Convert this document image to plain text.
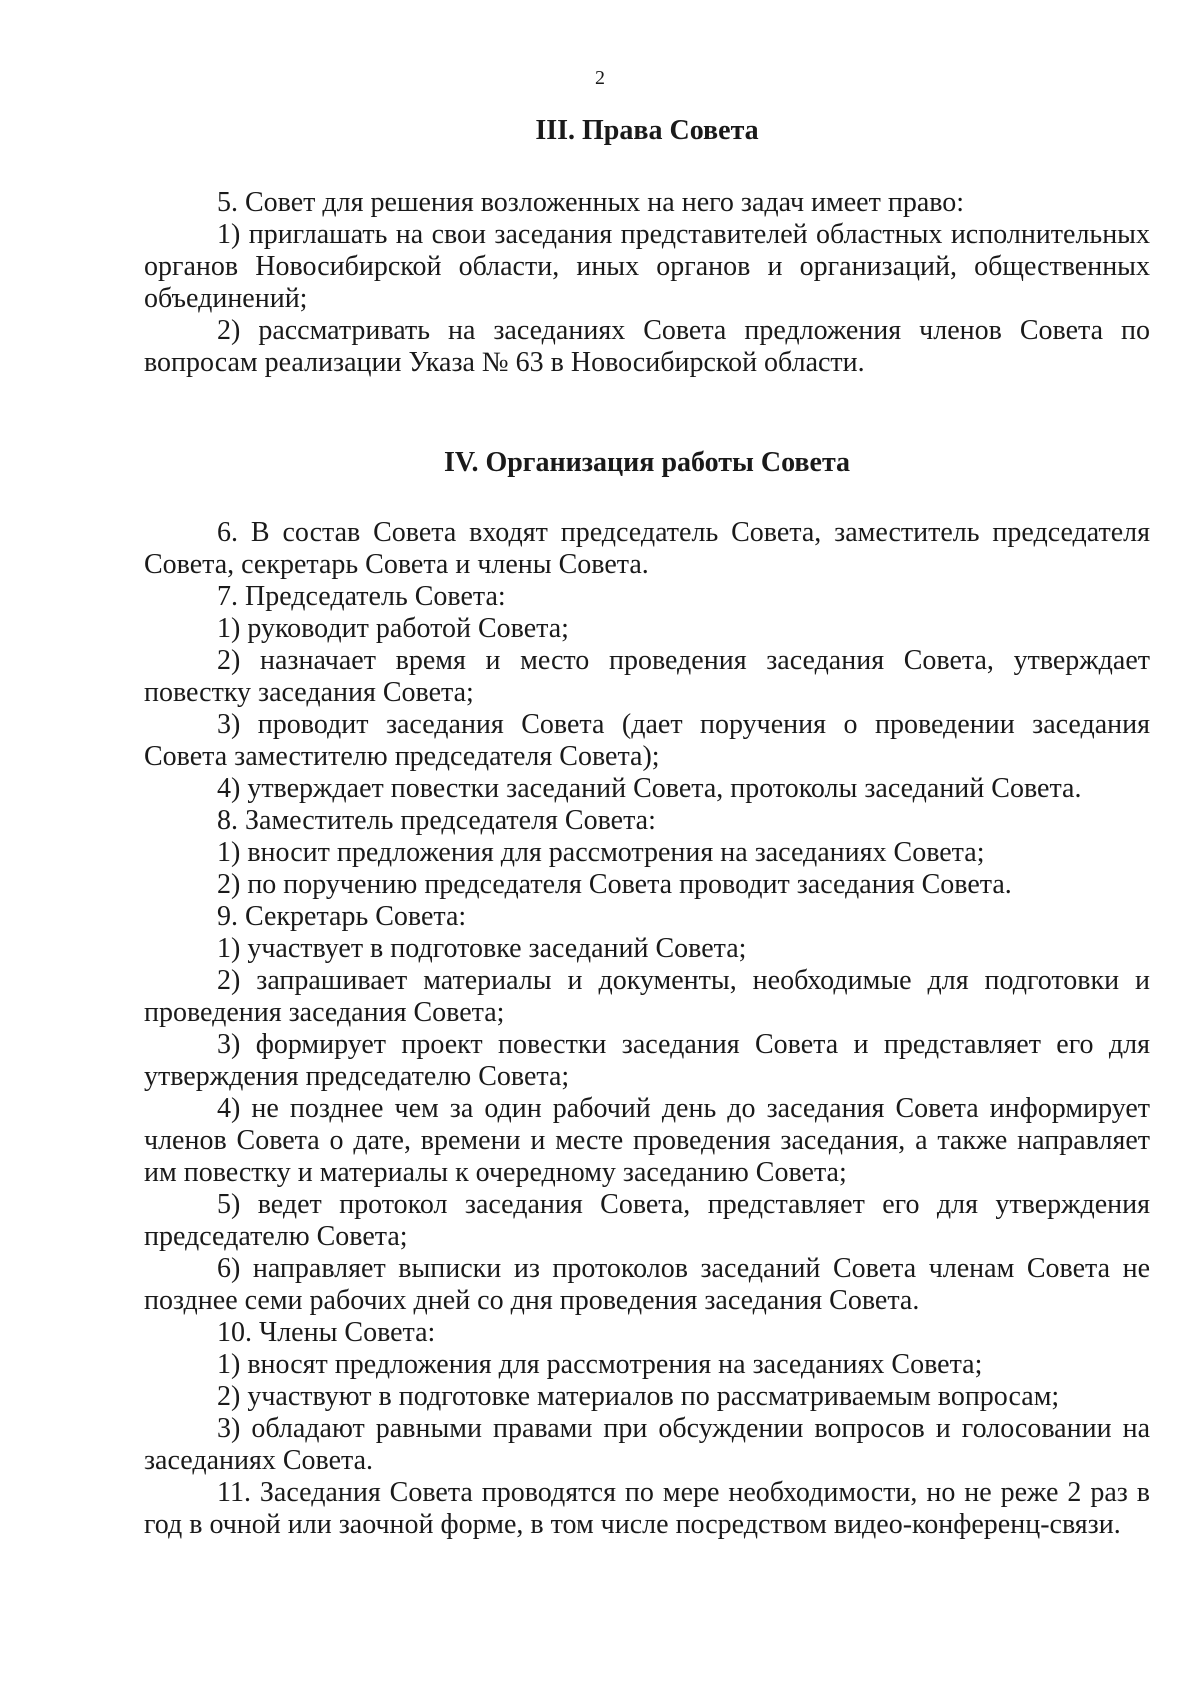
2
III. Права Совета

5. Совет для решения возложенных на него задач имеет право:

1) приглашать на свои заседания представителей областных исполнительных органов Новосибирской области, иных органов и организаций, общественных объединений;

2) рассматривать на заседаниях Совета предложения членов Совета по вопросам реализации Указа № 63 в Новосибирской области.

IV. Организация работы Совета

6. В состав Совета входят председатель Совета, заместитель председателя Совета, секретарь Совета и члены Совета.

7. Председатель Совета:

1) руководит работой Совета;

2) назначает время и место проведения заседания Совета, утверждает повестку заседания Совета;

3) проводит заседания Совета (дает поручения о проведении заседания Совета заместителю председателя Совета);

4) утверждает повестки заседаний Совета, протоколы заседаний Совета.

8. Заместитель председателя Совета:

1) вносит предложения для рассмотрения на заседаниях Совета;

2) по поручению председателя Совета проводит заседания Совета.

9. Секретарь Совета:

1) участвует в подготовке заседаний Совета;

2) запрашивает материалы и документы, необходимые для подготовки и проведения заседания Совета;

3) формирует проект повестки заседания Совета и представляет его для утверждения председателю Совета;

4) не позднее чем за один рабочий день до заседания Совета информирует членов Совета о дате, времени и месте проведения заседания, а также направляет им повестку и материалы к очередному заседанию Совета;

5) ведет протокол заседания Совета, представляет его для утверждения председателю Совета;

6) направляет выписки из протоколов заседаний Совета членам Совета не позднее семи рабочих дней со дня проведения заседания Совета.

10. Члены Совета:

1) вносят предложения для рассмотрения на заседаниях Совета;

2) участвуют в подготовке материалов по рассматриваемым вопросам;

3) обладают равными правами при обсуждении вопросов и голосовании на заседаниях Совета.

11. Заседания Совета проводятся по мере необходимости, но не реже 2 раз в год в очной или заочной форме, в том числе посредством видео-конференц-связи.
